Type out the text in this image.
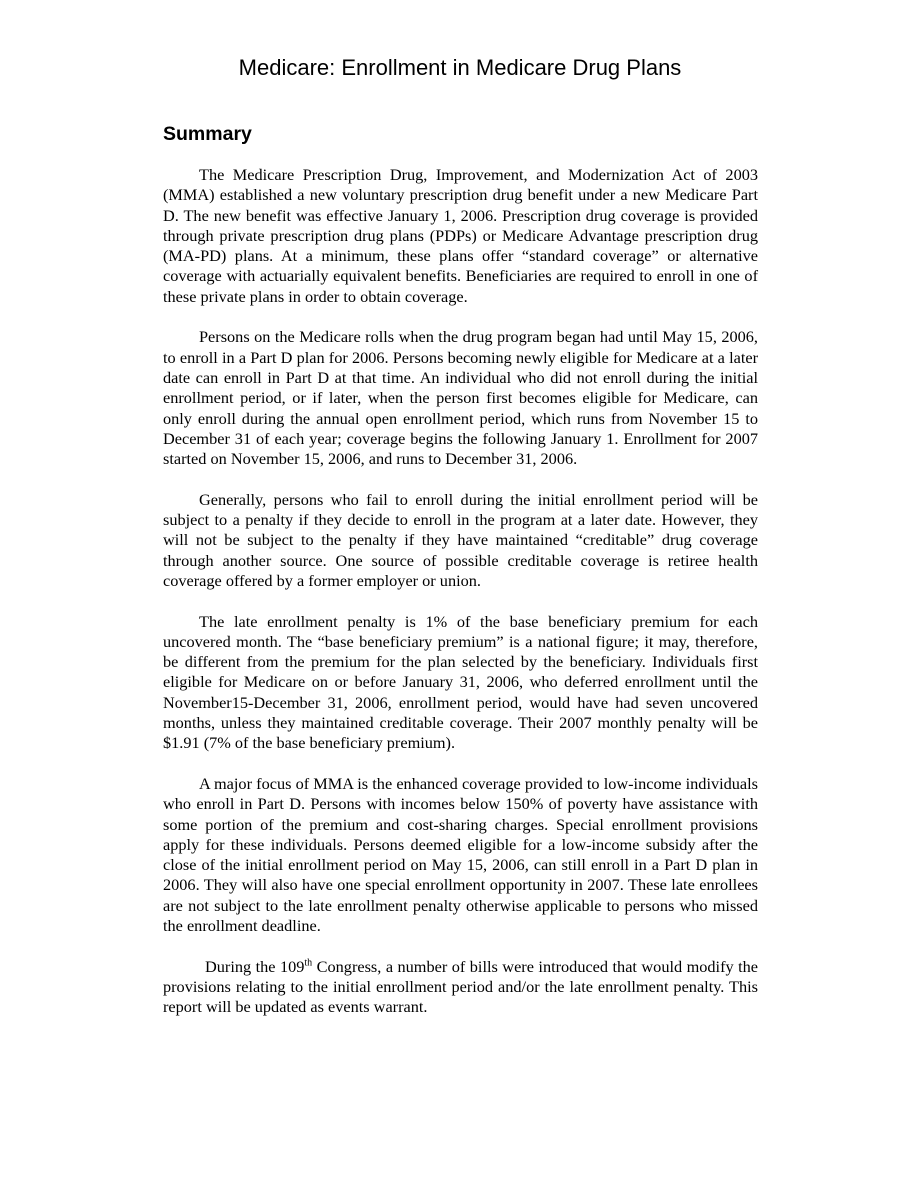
Medicare: Enrollment in Medicare Drug Plans
Summary

The Medicare Prescription Drug, Improvement, and Modernization Act of 2003 (MMA) established a new voluntary prescription drug benefit under a new Medicare Part D. The new benefit was effective January 1, 2006. Prescription drug coverage is provided through private prescription drug plans (PDPs) or Medicare Advantage prescription drug (MA-PD) plans. At a minimum, these plans offer “standard coverage” or alternative coverage with actuarially equivalent benefits. Beneficiaries are required to enroll in one of these private plans in order to obtain coverage.

Persons on the Medicare rolls when the drug program began had until May 15, 2006, to enroll in a Part D plan for 2006. Persons becoming newly eligible for Medicare at a later date can enroll in Part D at that time. An individual who did not enroll during the initial enrollment period, or if later, when the person first becomes eligible for Medicare, can only enroll during the annual open enrollment period, which runs from November 15 to December 31 of each year; coverage begins the following January 1. Enrollment for 2007 started on November 15, 2006, and runs to December 31, 2006.

Generally, persons who fail to enroll during the initial enrollment period will be subject to a penalty if they decide to enroll in the program at a later date. However, they will not be subject to the penalty if they have maintained “creditable” drug coverage through another source. One source of possible creditable coverage is retiree health coverage offered by a former employer or union.

The late enrollment penalty is 1% of the base beneficiary premium for each uncovered month. The “base beneficiary premium” is a national figure; it may, therefore, be different from the premium for the plan selected by the beneficiary. Individuals first eligible for Medicare on or before January 31, 2006, who deferred enrollment until the November15-December 31, 2006, enrollment period, would have had seven uncovered months, unless they maintained creditable coverage. Their 2007 monthly penalty will be $1.91 (7% of the base beneficiary premium).

A major focus of MMA is the enhanced coverage provided to low-income individuals who enroll in Part D. Persons with incomes below 150% of poverty have assistance with some portion of the premium and cost-sharing charges. Special enrollment provisions apply for these individuals. Persons deemed eligible for a low-income subsidy after the close of the initial enrollment period on May 15, 2006, can still enroll in a Part D plan in 2006. They will also have one special enrollment opportunity in 2007. These late enrollees are not subject to the late enrollment penalty otherwise applicable to persons who missed the enrollment deadline.

During the 109th Congress, a number of bills were introduced that would modify the provisions relating to the initial enrollment period and/or the late enrollment penalty. This report will be updated as events warrant.
